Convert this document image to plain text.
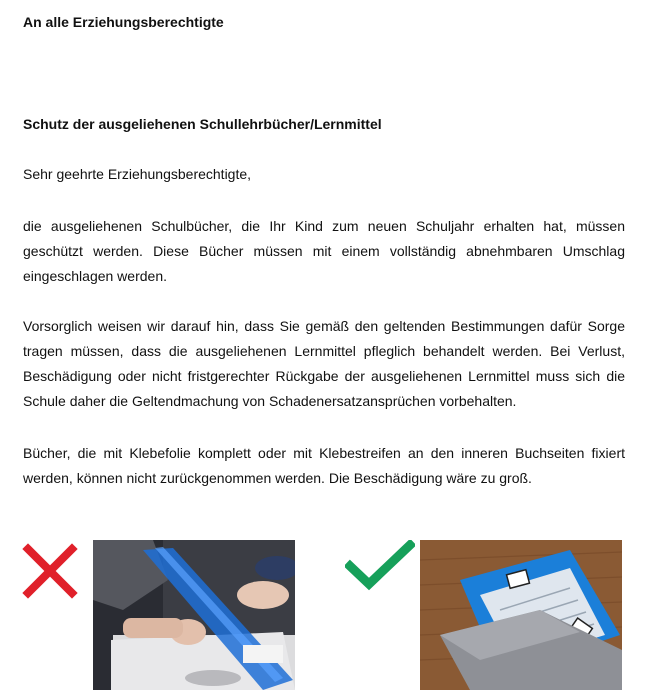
An alle Erziehungsberechtigte

Schutz der ausgeliehenen Schullehrbücher/Lernmittel

Sehr geehrte Erziehungsberechtigte,

die ausgeliehenen Schulbücher, die Ihr Kind zum neuen Schuljahr erhalten hat, müssen geschützt werden. Diese Bücher müssen mit einem vollständig abnehmbaren Umschlag eingeschlagen werden.

Vorsorglich weisen wir darauf hin, dass Sie gemäß den geltenden Bestimmungen dafür Sorge tragen müssen, dass die ausgeliehenen Lernmittel pfleglich behandelt werden. Bei Verlust, Beschädigung oder nicht fristgerechter Rückgabe der ausgeliehenen Lernmittel muss sich die Schule daher die Geltendmachung von Schadenersatzansprüchen vorbehalten.

Bücher, die mit Klebefolie komplett oder mit Klebestreifen an den inneren Buchseiten fixiert werden, können nicht zurückgenommen werden. Die Beschädigung wäre zu groß.
